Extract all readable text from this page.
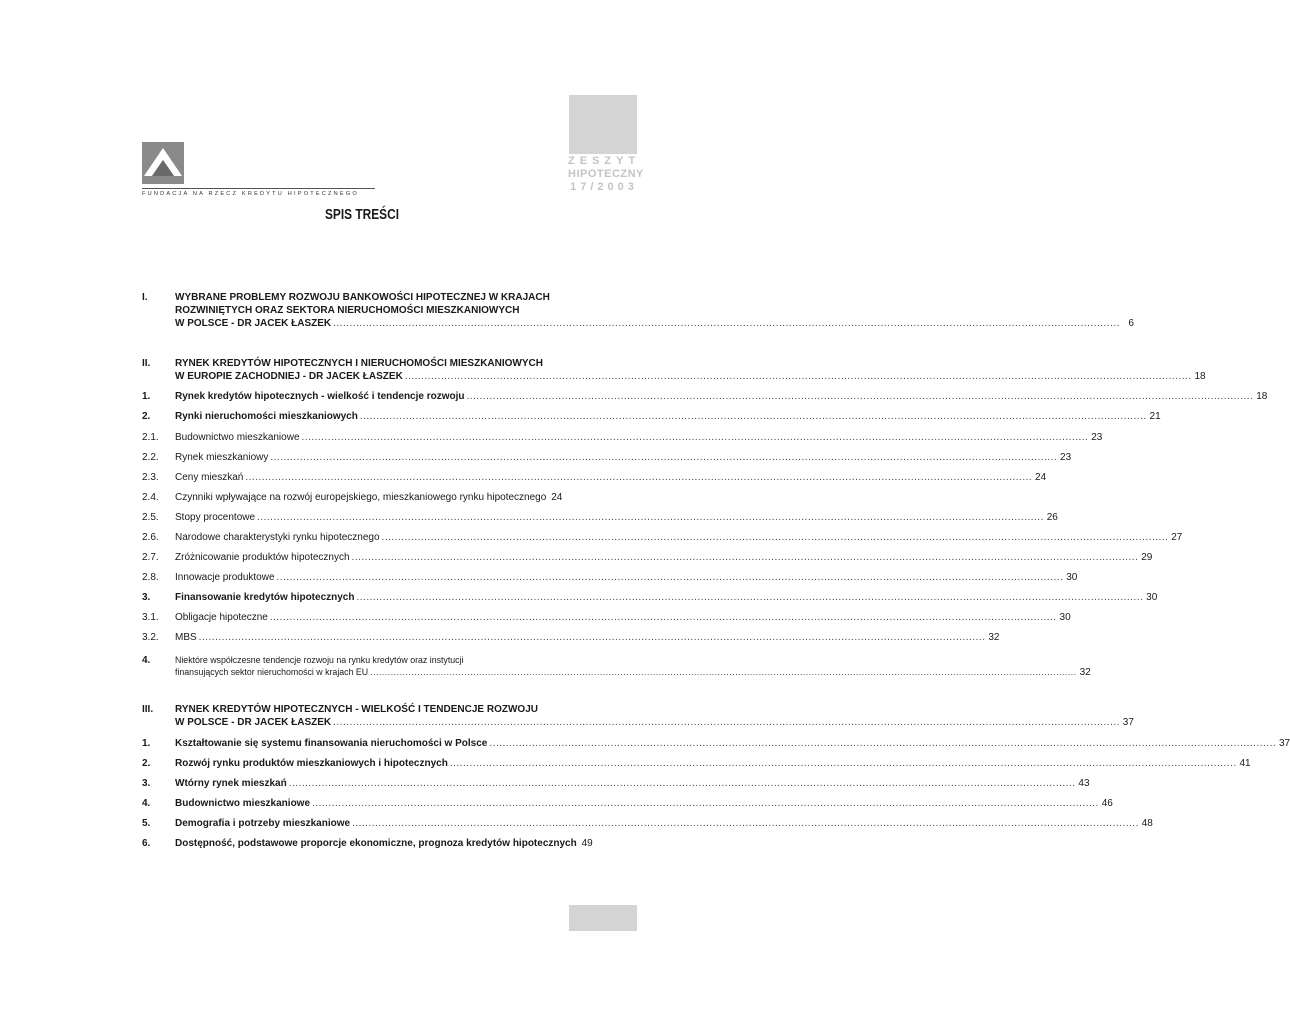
ZESZYT
HIPOTECZNY
17/2003
FUNDACJA NA RZECZ KREDYTU HIPOTECZNEGO
SPIS TREŚCI
I.	WYBRANE PROBLEMY ROZWOJU BANKOWOŚCI HIPOTECZNEJ W KRAJACH
ROZWINIĘTYCH ORAZ SEKTORA NIERUCHOMOŚCI MIESZKANIOWYCH
W POLSCE - DR JACEK ŁASZEK .....	6
II. RYNEK KREDYTÓW HIPOTECZNYCH I NIERUCHOMOŚCI MIESZKANIOWYCH
W EUROPIE ZACHODNIEJ - DR JACEK ŁASZEK .....	18
1. Rynek kredytów hipotecznych - wielkość i tendencje rozwoju .....	18
2. Rynki nieruchomości mieszkaniowych .....	21
2.1. Budownictwo mieszkaniowe .....	23
2.2. Rynek mieszkaniowy .....	23
2.3. Ceny mieszkań .....	24
2.4. Czynniki wpływające na rozwój europejskiego, mieszkaniowego rynku hipotecznego 24
2.5. Stopy procentowe .....	26
2.6. Narodowe charakterystyki rynku hipotecznego .....	27
2.7. Zróżnicowanie produktów hipotecznych .....	29
2.8. Innowacje produktowe .....	30
3. Finansowanie kredytów hipotecznych .....	30
3.1. Obligacje hipoteczne .....	30
3.2. MBS .....	32
4.	Niektóre współczesne tendencje rozwoju na rynku kredytów oraz instytucji
finansujących sektor nieruchomości w krajach EU .....	32
III. RYNEK KREDYTÓW HIPOTECZNYCH - WIELKOŚĆ I TENDENCJE ROZWOJU
W POLSCE - DR JACEK ŁASZEK .....	37
1. Kształtowanie się systemu finansowania nieruchomości w Polsce .....	37
2. Rozwój rynku produktów mieszkaniowych i hipotecznych .....	41
3. Wtórny rynek mieszkań .....	43
4. Budownictwo mieszkaniowe .....	46
5. Demografia i potrzeby mieszkaniowe .....	48
6. Dostępność, podstawowe proporcje ekonomiczne, prognoza kredytów hipotecznych 49
